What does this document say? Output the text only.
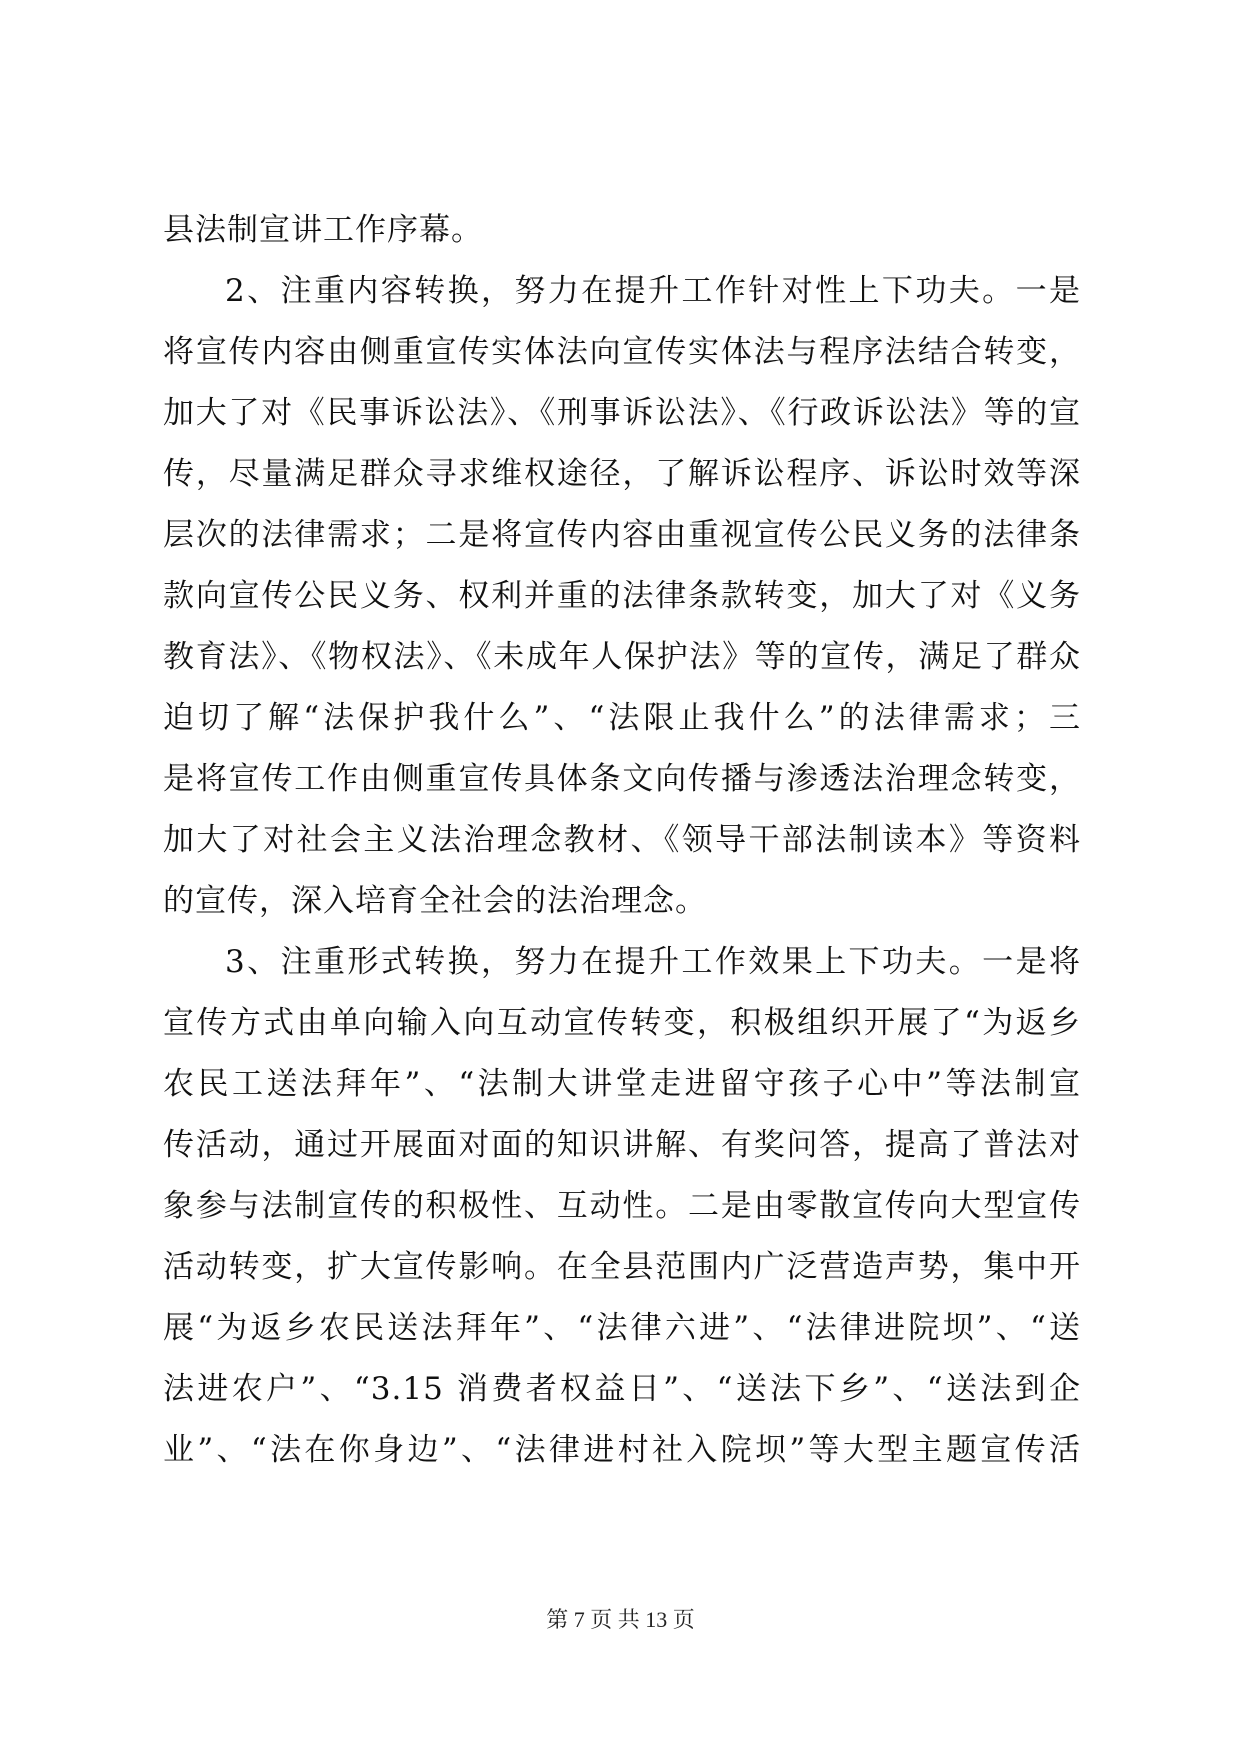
县法制宣讲工作序幕。
2、注重内容转换，努力在提升工作针对性上下功夫。一是
将宣传内容由侧重宣传实体法向宣传实体法与程序法结合转变，
加大了对《民事诉讼法》、《刑事诉讼法》、《行政诉讼法》等的宣
传，尽量满足群众寻求维权途径，了解诉讼程序、诉讼时效等深
层次的法律需求；二是将宣传内容由重视宣传公民义务的法律条
款向宣传公民义务、权利并重的法律条款转变，加大了对《义务
教育法》、《物权法》、《未成年人保护法》等的宣传，满足了群众
迫切了解“法保护我什么”、“法限止我什么”的法律需求；三
是将宣传工作由侧重宣传具体条文向传播与渗透法治理念转变，
加大了对社会主义法治理念教材、《领导干部法制读本》等资料
的宣传，深入培育全社会的法治理念。
3、注重形式转换，努力在提升工作效果上下功夫。一是将
宣传方式由单向输入向互动宣传转变，积极组织开展了“为返乡
农民工送法拜年”、“法制大讲堂走进留守孩子心中”等法制宣
传活动，通过开展面对面的知识讲解、有奖问答，提高了普法对
象参与法制宣传的积极性、互动性。二是由零散宣传向大型宣传
活动转变，扩大宣传影响。在全县范围内广泛营造声势，集中开
展“为返乡农民送法拜年”、“法律六进”、“法律进院坝”、“送
法进农户”、“3.15 消费者权益日”、“送法下乡”、“送法到企
业”、“法在你身边”、“法律进村社入院坝”等大型主题宣传活
第 7 页 共 13 页
